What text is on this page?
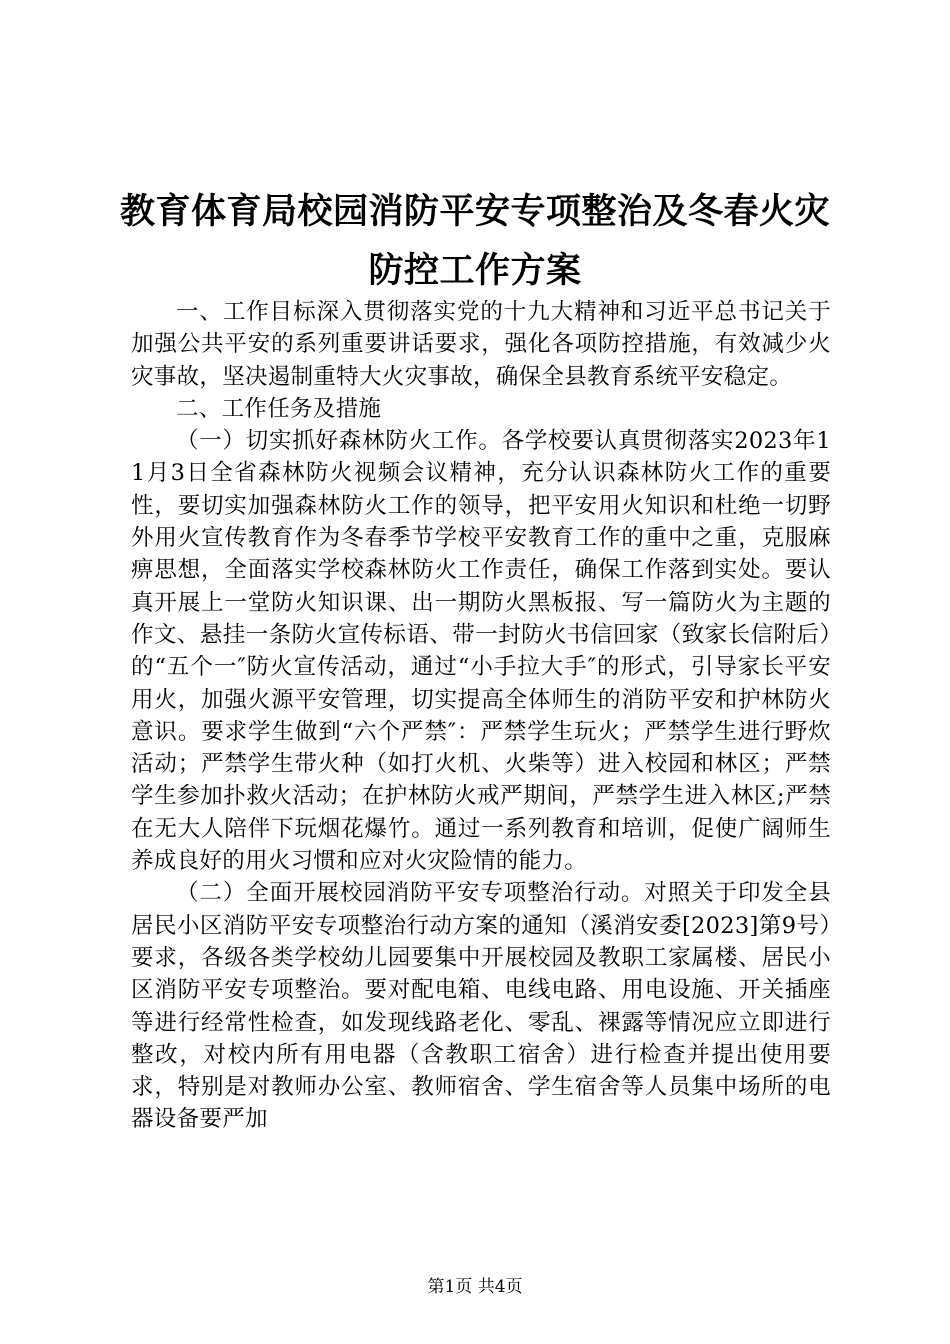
教育体育局校园消防平安专项整治及冬春火灾
防控工作方案

一、工作目标深入贯彻落实党的十九大精神和习近平总书记关于加强公共平安的系列重要讲话要求，强化各项防控措施，有效减少火灾事故，坚决遏制重特大火灾事故，确保全县教育系统平安稳定。

二、工作任务及措施

（一）切实抓好森林防火工作。各学校要认真贯彻落实2023年11月3日全省森林防火视频会议精神，充分认识森林防火工作的重要性，要切实加强森林防火工作的领导，把平安用火知识和杜绝一切野外用火宣传教育作为冬春季节学校平安教育工作的重中之重，克服麻痹思想，全面落实学校森林防火工作责任，确保工作落到实处。要认真开展上一堂防火知识课、出一期防火黑板报、写一篇防火为主题的作文、悬挂一条防火宣传标语、带一封防火书信回家（致家长信附后）的“五个一″防火宣传活动，通过“小手拉大手″的形式，引导家长平安用火，加强火源平安管理，切实提高全体师生的消防平安和护林防火意识。要求学生做到“六个严禁″：严禁学生玩火；严禁学生进行野炊活动；严禁学生带火种（如打火机、火柴等）进入校园和林区；严禁学生参加扑救火活动；在护林防火戒严期间，严禁学生进入林区;严禁在无大人陪伴下玩烟花爆竹。通过一系列教育和培训，促使广阔师生养成良好的用火习惯和应对火灾险情的能力。

（二）全面开展校园消防平安专项整治行动。对照关于印发全县居民小区消防平安专项整治行动方案的通知（溪消安委[2023]第9号）要求，各级各类学校幼儿园要集中开展校园及教职工家属楼、居民小区消防平安专项整治。要对配电箱、电线电路、用电设施、开关插座等进行经常性检查，如发现线路老化、零乱、裸露等情况应立即进行整改，对校内所有用电器（含教职工宿舍）进行检查并提出使用要求，特别是对教师办公室、教师宿舍、学生宿舍等人员集中场所的电器设备要严加

第1页 共4页
